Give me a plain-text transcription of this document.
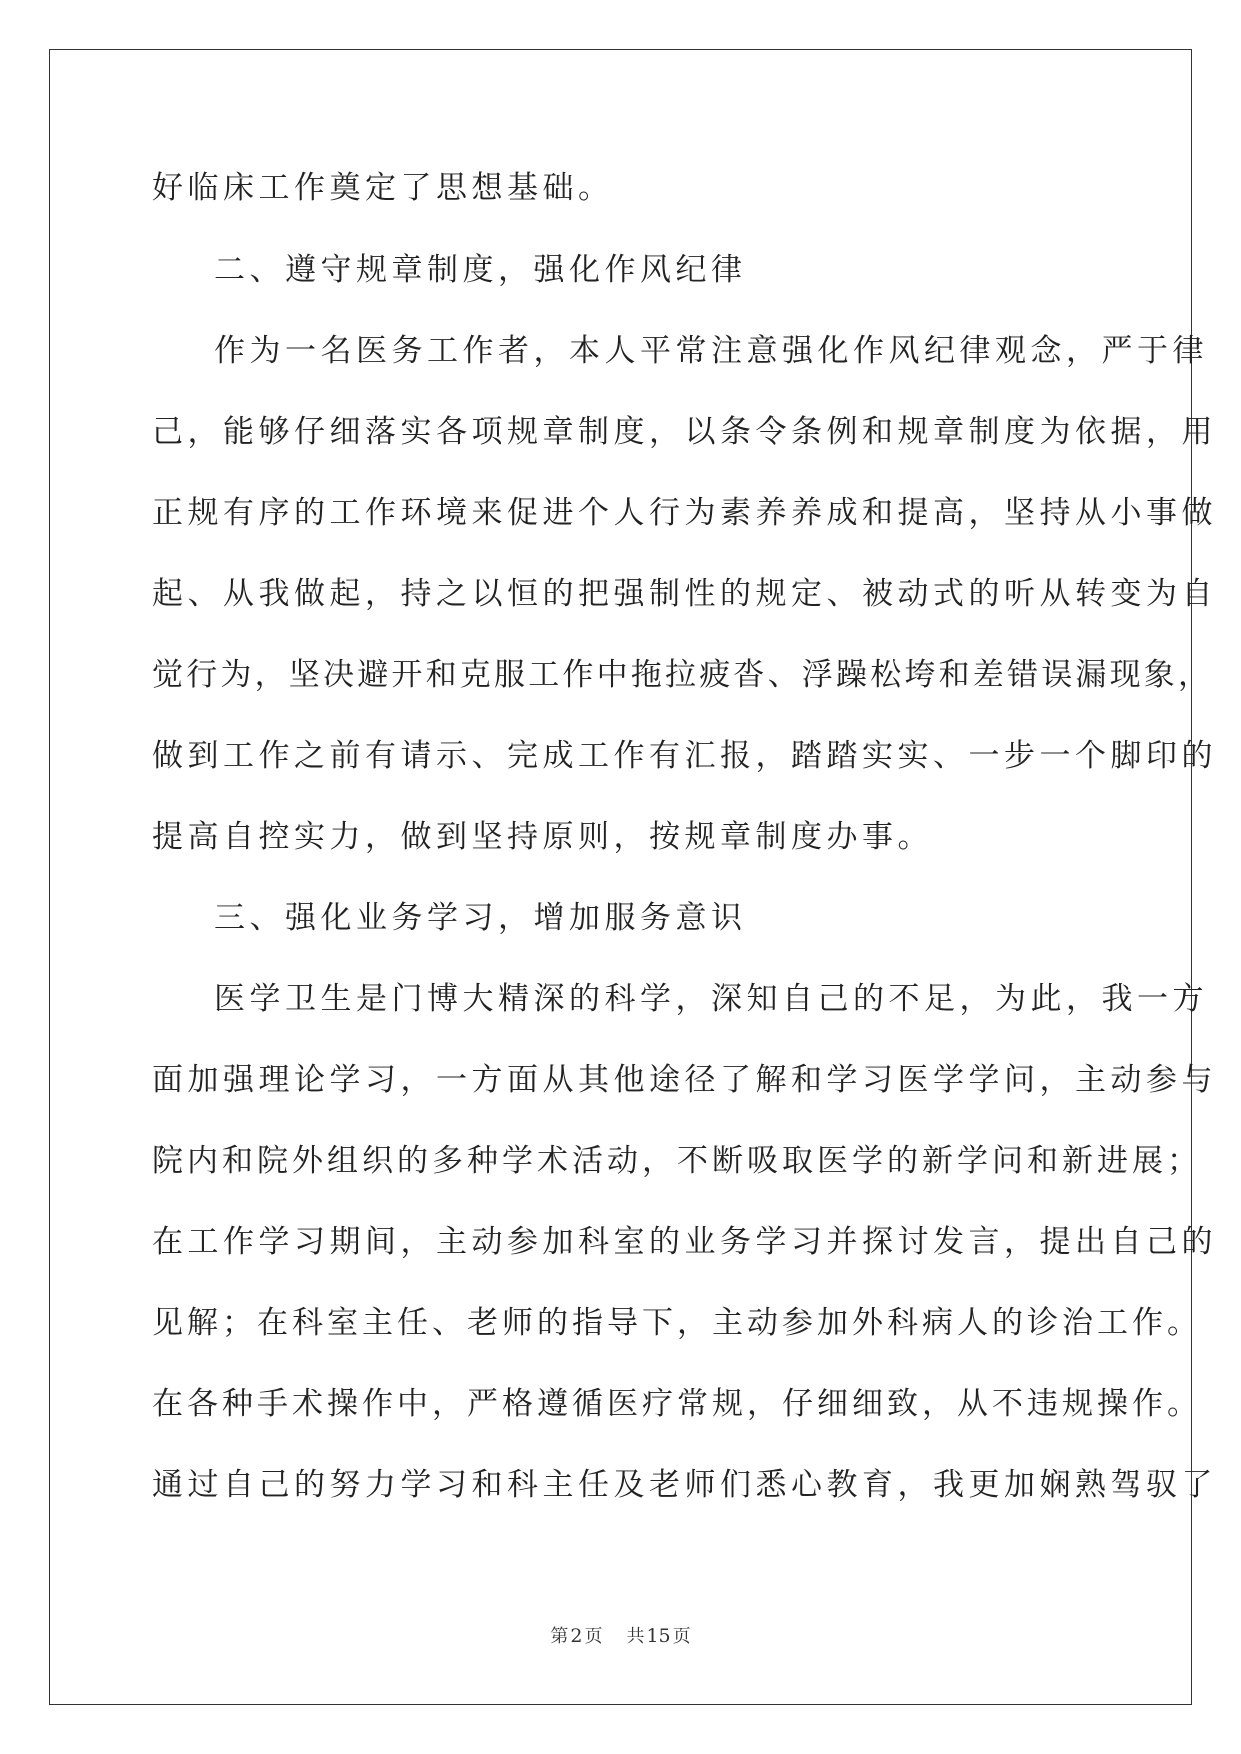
好临床工作奠定了思想基础。
二、遵守规章制度，强化作风纪律
作为一名医务工作者，本人平常注意强化作风纪律观念，严于律
己，能够仔细落实各项规章制度，以条令条例和规章制度为依据，用
正规有序的工作环境来促进个人行为素养养成和提高，坚持从小事做
起、从我做起，持之以恒的把强制性的规定、被动式的听从转变为自
觉行为，坚决避开和克服工作中拖拉疲沓、浮躁松垮和差错误漏现象，
做到工作之前有请示、完成工作有汇报，踏踏实实、一步一个脚印的
提高自控实力，做到坚持原则，按规章制度办事。
三、强化业务学习，增加服务意识
医学卫生是门博大精深的科学，深知自己的不足，为此，我一方
面加强理论学习，一方面从其他途径了解和学习医学学问，主动参与
院内和院外组织的多种学术活动，不断吸取医学的新学问和新进展；
在工作学习期间，主动参加科室的业务学习并探讨发言，提出自己的
见解；在科室主任、老师的指导下，主动参加外科病人的诊治工作。
在各种手术操作中，严格遵循医疗常规，仔细细致，从不违规操作。
通过自己的努力学习和科主任及老师们悉心教育，我更加娴熟驾驭了
第 2 页 共 15 页
